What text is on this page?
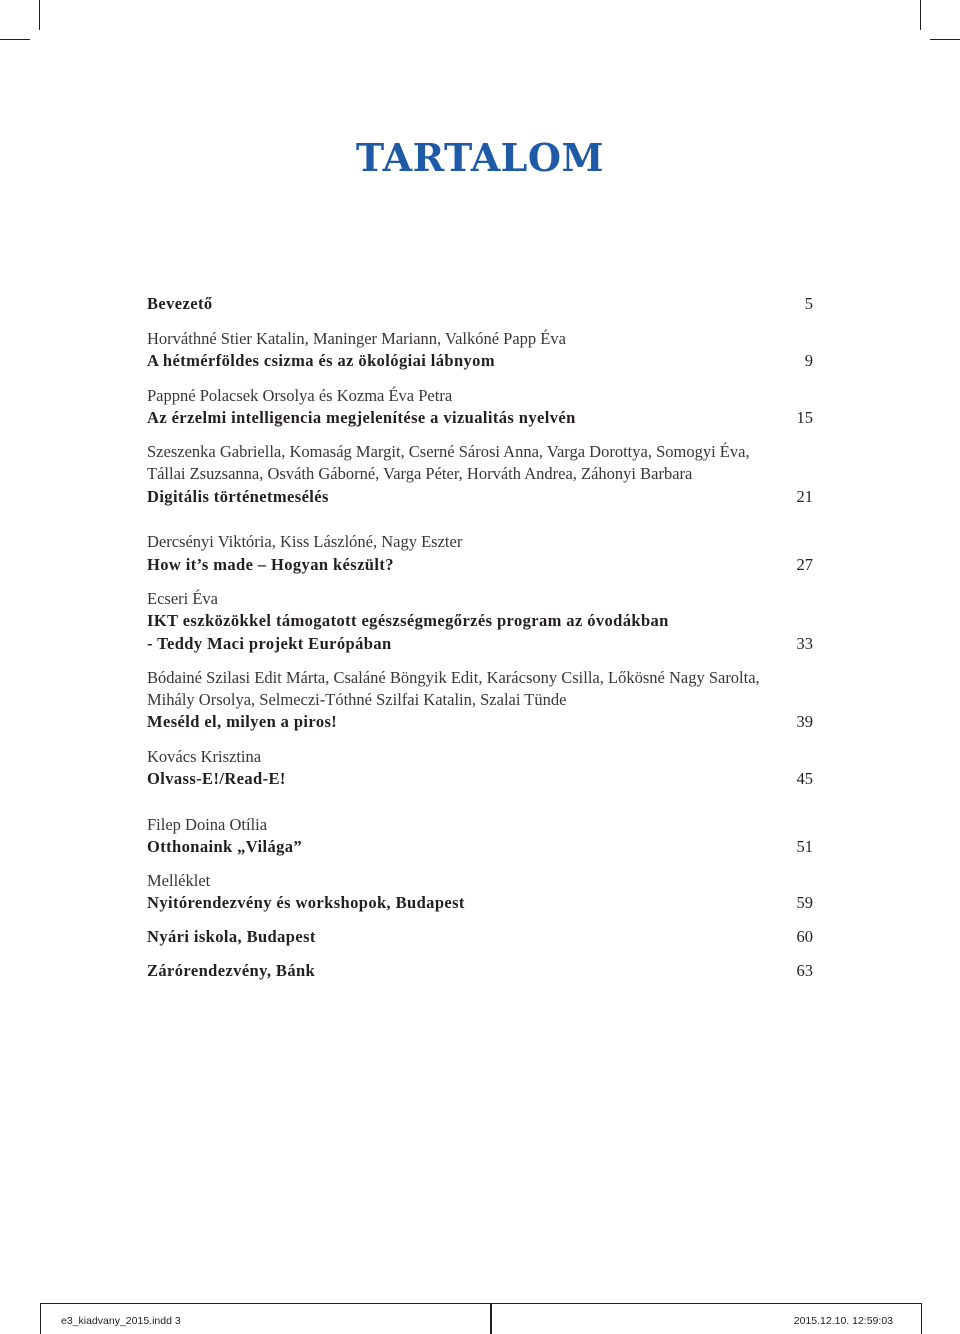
TARTALOM
Bevezető	5
Horváthné Stier Katalin, Maninger Mariann, Valkóné Papp Éva
A hétmérföldes csizma és az ökológiai lábnyom	9
Pappné Polacsek Orsolya és Kozma Éva Petra
Az érzelmi intelligencia megjelenítése a vizualitás nyelvén	15
Szeszenka Gabriella, Komaság Margit, Cserné Sárosi Anna, Varga Dorottya, Somogyi Éva,
Tállai Zsuzsanna, Osváth Gáborné, Varga Péter, Horváth Andrea, Záhonyi Barbara
Digitális történetmesélés	21
Dercsényi Viktória, Kiss Lászlóné, Nagy Eszter
How it’s made – Hogyan készült?	27
Ecseri Éva
IKT eszközökkel támogatott egészségmegőrzés program az óvodákban
- Teddy Maci projekt Európában	33
Bódainé Szilasi Edit Márta, Csaláné Böngyik Edit, Karácsony Csilla, Lőkösné Nagy Sarolta,
Mihály Orsolya, Selmeczi-Tóthné Szilfai Katalin, Szalai Tünde
Meséld el, milyen a piros!	39
Kovács Krisztina
Olvass-E!/Read-E!	45
Filep Doina Otília
Otthonaink „Világa”	51
Melléklet
Nyitórendezvény és workshopok, Budapest	59
Nyári iskola, Budapest	60
Zárórendezvény, Bánk	63
e3_kiadvany_2015.indd 3	2015.12.10. 12:59:03
